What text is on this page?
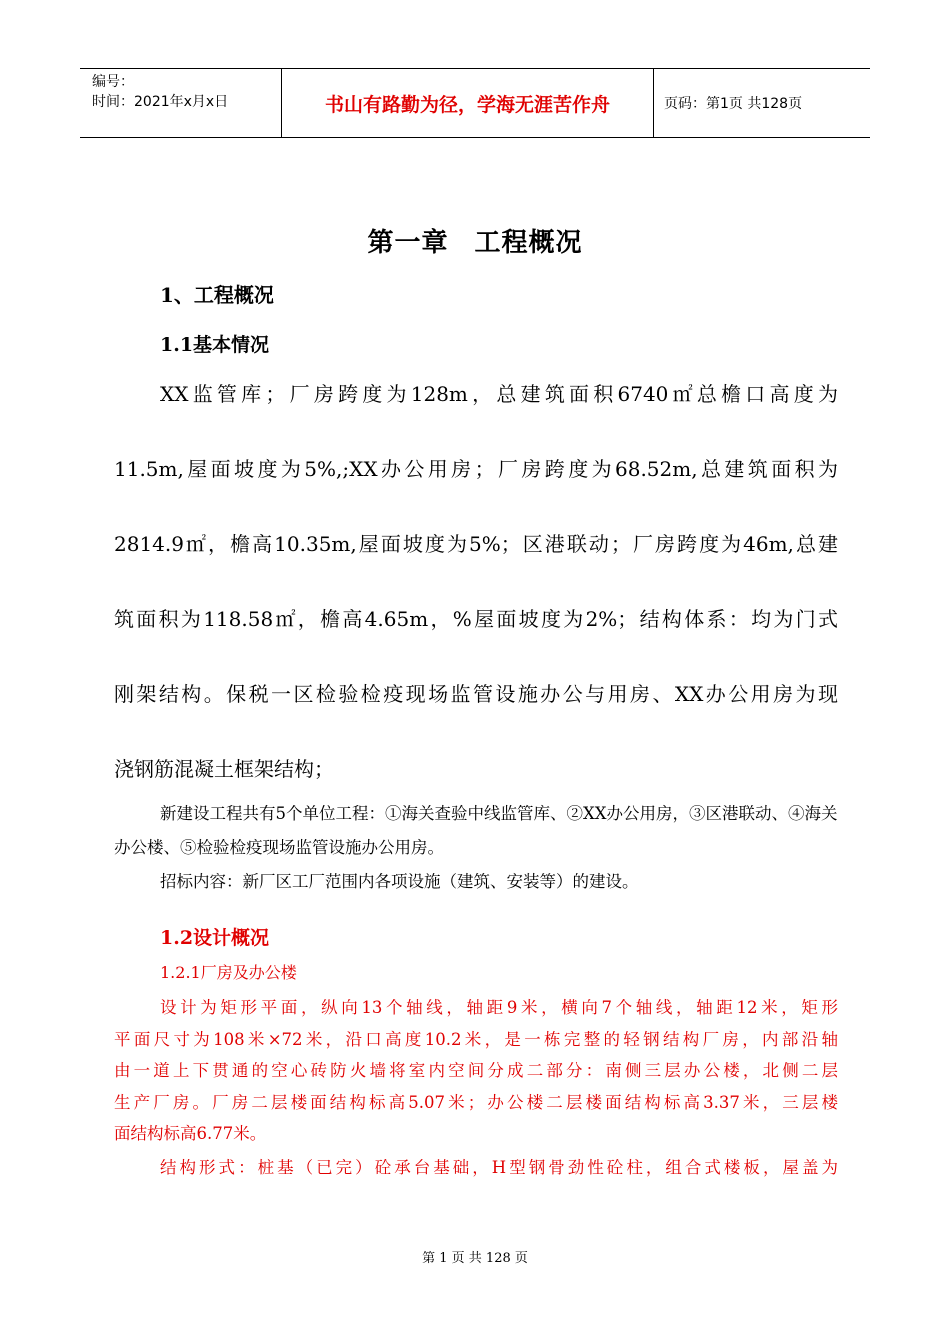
编号：
时间：2021年x月x日	书山有路勤为径，学海无涯苦作舟	页码：第1页 共128页
第一章 工程概况
1、工程概况
1.1基本情况
XX监管库；厂房跨度为128m，总建筑面积6740㎡总檐口高度为
11.5m,屋面坡度为5%,;XX办公用房；厂房跨度为68.52m,总建筑面积为
2814.9㎡，檐高10.35m,屋面坡度为5%；区港联动；厂房跨度为46m,总建
筑面积为118.58㎡，檐高4.65m，%屋面坡度为2%；结构体系：均为门式
刚架结构。保税一区检验检疫现场监管设施办公与用房、XX办公用房为现
浇钢筋混凝土框架结构；

新建设工程共有5个单位工程：①海关查验中线监管库、②XX办公用房，③区港联动、④海关办公楼、⑤检验检疫现场监管设施办公用房。

招标内容：新厂区工厂范围内各项设施（建筑、安装等）的建设。

1.2设计概况
1.2.1厂房及办公楼
设计为矩形平面，纵向13个轴线，轴距9米，横向7个轴线，轴距12米，矩形
平面尺寸为108米×72米，沿口高度10.2米，是一栋完整的轻钢结构厂房，内部沿轴
由一道上下贯通的空心砖防火墙将室内空间分成二部分：南侧三层办公楼，北侧二层
生产厂房。厂房二层楼面结构标高5.07米；办公楼二层楼面结构标高3.37米，三层楼
面结构标高6.77米。
结构形式：桩基（已完）砼承台基础，H型钢骨劲性砼柱，组合式楼板，屋盖为
第 1 页 共 128 页
